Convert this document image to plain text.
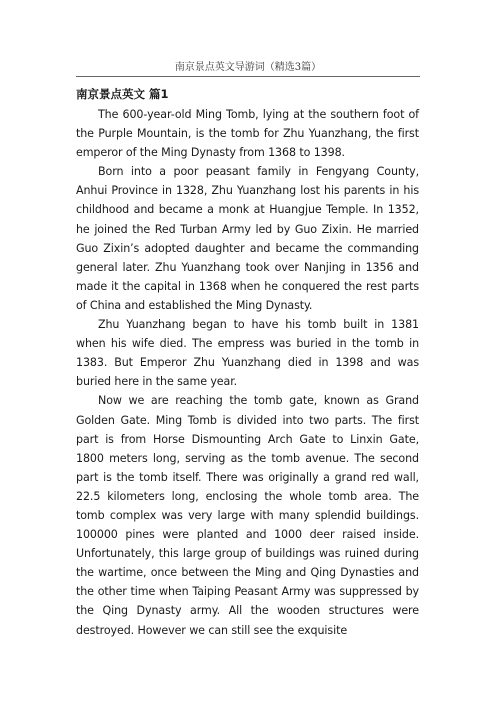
南京景点英文导游词（精选3篇）
南京景点英文 篇1

The 600-year-old Ming Tomb, lying at the southern foot of the Purple Mountain, is the tomb for Zhu Yuanzhang, the first emperor of the Ming Dynasty from 1368 to 1398.

Born into a poor peasant family in Fengyang County, Anhui Province in 1328, Zhu Yuanzhang lost his parents in his childhood and became a monk at Huangjue Temple. In 1352, he joined the Red Turban Army led by Guo Zixin. He married Guo Zixin’s adopted daughter and became the commanding general later. Zhu Yuanzhang took over Nanjing in 1356 and made it the capital in 1368 when he conquered the rest parts of China and established the Ming Dynasty.

Zhu Yuanzhang began to have his tomb built in 1381 when his wife died. The empress was buried in the tomb in 1383. But Emperor Zhu Yuanzhang died in 1398 and was buried here in the same year.

Now we are reaching the tomb gate, known as Grand Golden Gate. Ming Tomb is divided into two parts. The first part is from Horse Dismounting Arch Gate to Linxin Gate, 1800 meters long, serving as the tomb avenue. The second part is the tomb itself. There was originally a grand red wall, 22.5 kilometers long, enclosing the whole tomb area. The tomb complex was very large with many splendid buildings. 100000 pines were planted and 1000 deer raised inside. Unfortunately, this large group of buildings was ruined during the wartime, once between the Ming and Qing Dynasties and the other time when Taiping Peasant Army was suppressed by the Qing Dynasty army. All the wooden structures were destroyed. However we can still see the exquisite
